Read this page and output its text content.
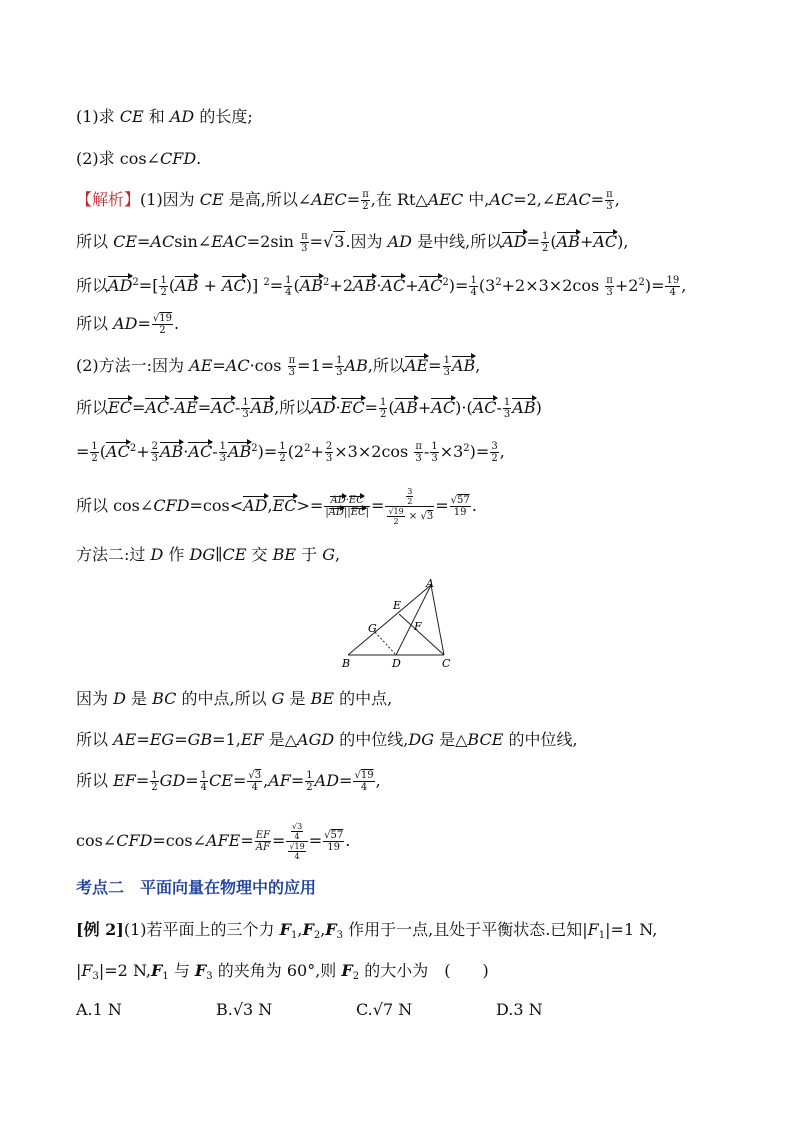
(1)求 CE 和 AD 的长度;
(2)求 cos∠CFD.
【解析】(1)因为 CE 是高,所以∠AEC= $\frac{\pi}{2}$ ,在 Rt△AEC 中,AC=2,∠EAC= $\frac{\pi}{3}$ ,
所以 CE=ACsin∠EAC=2sin $\frac{\pi}{3} =√3$.因为 AD 是中线,所以$AD= \frac{1}{2} (AB+AC)$,
所以$AD^2=[ \frac{1}{2} (AB + AC)]$ $^2= \frac{1}{4} (AB^2+2AB\cdot AC+AC^2)= \frac{1}{4} (3^2+2\times 3\times 2\cos \frac{\pi}{3} +2^2)= \frac{19}{4}$ ,
所以 $AD= \frac{√19}{2}$ .
(2)方法一:因为 $AE=AC\cdot\cos \frac{\pi}{3} =1= \frac{1}{3}$ AB,所以$AE= \frac{1}{3}$ AB,
所以$EC=AC-AE=AC- \frac{1}{3}$ AB,所以$AD\cdot EC= \frac{1}{2} (AB+AC)\cdot(AC- \frac{1}{3} AB)$
= $\frac{1}{2} (AC^2+ \frac{2}{3} AB\cdot AC- \frac{1}{3} AB^2)= \frac{1}{2} (2^2+ \frac{2}{3} \times 3\times 2\cos \frac{\pi}{3} - \frac{1}{3} \times 3^2)= \frac{3}{2}$ ,
所以 cos∠CFD=cos<AD,EC>= $\frac{AD\cdot EC}{|AD||EC|} = \frac{\frac{3}{2}}{\frac{√19}{2} \times √3} = \frac{√57}{19}$ .
方法二:过 D 作 DG∥CE 交 BE 于 G,
A
E
G	F
B	D	C
因为 D 是 BC 的中点,所以 G 是 BE 的中点,
所以 AE=EG=GB=1,EF 是△AGD 的中位线,DG 是△BCE 的中位线,
所以 $EF= \frac{1}{2} GD= \frac{1}{4} CE= \frac{√3}{4} ,AF= \frac{1}{2} AD= \frac{√19}{4}$ ,
cos∠CFD=cos∠AFE= $\frac{EF}{AF} = \frac{\frac{√3}{4}}{\frac{√19}{4}} = \frac{√57}{19}$ .
考点二　平面向量在物理中的应用
[例 2](1)若平面上的三个力 $F_1,F_2,F_3$ 作用于一点,且处于平衡状态.已知$|F_1|=1$ N,
$|F_3|=2$ $N,F_1$ 与 $F_3$ 的夹角为 60°,则 $F_2$ 的大小为　(　　)
A.1 N	B.√3 N	C.√7 N	D.3 N
